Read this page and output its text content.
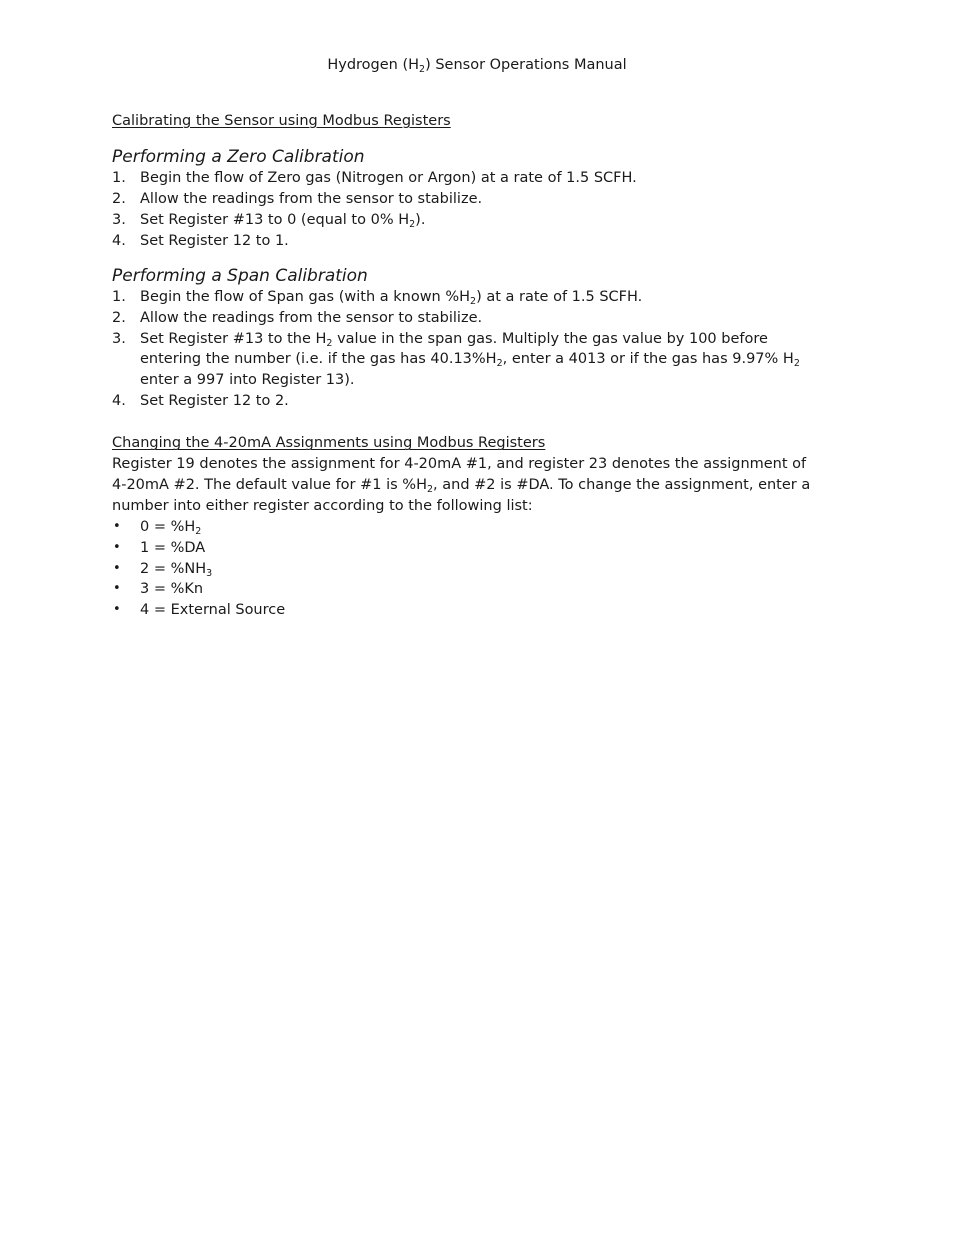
Hydrogen $(H_2)$ Sensor Operations Manual

Calibrating the Sensor using Modbus Registers

Performing a Zero Calibration

1. Begin the flow of Zero gas (Nitrogen or Argon) at a rate of 1.5 SCFH.
2. Allow the readings from the sensor to stabilize.
3. Set Register #13 to 0 (equal to 0% $H_2$).
4. Set Register 12 to 1.

Performing a Span Calibration

1. Begin the flow of Span gas (with a known $\%H_2$) at a rate of 1.5 SCFH.
2. Allow the readings from the sensor to stabilize.
3. Set Register #13 to the $H_2$ value in the span gas. Multiply the gas value by 100 before
entering the number (i.e. if the gas has $40.13\%H_2$, enter a 4013 or if the gas has 9.97% $H_2$
enter a 997 into Register 13).
4. Set Register 12 to 2.

Changing the 4-20mA Assignments using Modbus Registers

Register 19 denotes the assignment for 4-20mA #1, and register 23 denotes the assignment of
4-20mA #2. The default value for #1 is $\%H_2$, and #2 is #DA. To change the assignment, enter a
number into either register according to the following list:
• $0 = \%H_2$
• 1 = %DA
• $2 = \%NH_3$
• 3 = %Kn
• 4 = External Source
